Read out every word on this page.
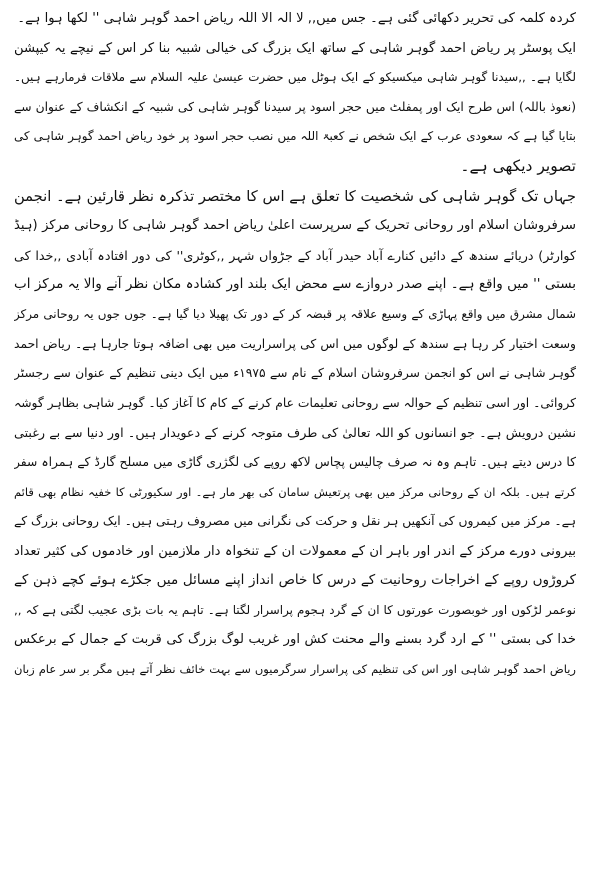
کردہ کلمہ کی تحریر دکھائی گئی ہے۔ جس میں,, لا الہ الا اللہ ریاض احمد گوہر شاہی '' لکھا ہوا ہے۔
ایک پوسٹر پر ریاض احمد گوہر شاہی کے ساتھ ایک بزرگ کی خیالی شبیہ بنا کر اس کے نیچے یہ کیپشن
لگایا ہے۔ ,,سیدنا گوہر شاہی میکسیکو کے ایک ہوٹل میں حضرت عیسیٰ علیہ السلام سے ملاقات فرمارہے ہیں۔
(نعوذ باللہ) اس طرح ایک اور پمفلٹ میں حجر اسود پر سیدنا گوہر شاہی کی شبیہ کے انکشاف کے عنوان سے
بتایا گیا ہے کہ سعودی عرب کے ایک شخص نے کعبۃ اللہ میں نصب حجر اسود پر خود ریاض احمد گوہر شاہی کی
تصویر دیکھی ہے۔
جہاں تک گوہر شاہی کی شخصیت کا تعلق ہے اس کا مختصر تذکرہ نظر قارئین ہے۔ انجمن
سرفروشان اسلام اور روحانی تحریک کے سرپرست اعلیٰ ریاض احمد گوہر شاہی کا روحانی مرکز (ہیڈ
کوارٹر) دریائے سندھ کے دائیں کنارے آباد حیدر آباد کے جڑواں شہر ,,کوٹری'' کی دور افتادہ آبادی ,,خدا کی
بستی '' میں واقع ہے۔ اپنے صدر دروازے سے محض ایک بلند اور کشادہ مکان نظر آنے والا یہ مرکز اب
شمال مشرق میں واقع پہاڑی کے وسیع علاقہ پر قبضہ کر کے دور تک پھیلا دیا گیا ہے۔ جوں جوں یہ روحانی مرکز
وسعت اختیار کر رہا ہے سندھ کے لوگوں میں اس کی پراسراریت میں بھی اضافہ ہوتا جارہا ہے۔ ریاض احمد
گوہر شاہی نے اس کو انجمن سرفروشان اسلام کے نام سے ۱۹۷۵ء میں ایک دینی تنظیم کے عنوان سے رجسٹر
کروائی۔ اور اسی تنظیم کے حوالہ سے روحانی تعلیمات عام کرنے کے کام کا آغاز کیا۔ گوہر شاہی بظاہر گوشہ
نشین درویش ہے۔ جو انسانوں کو اللہ تعالیٰ کی طرف متوجہ کرنے کے دعویدار ہیں۔ اور دنیا سے بے رغبتی
کا درس دیتے ہیں۔ تاہم وہ نہ صرف چالیس پچاس لاکھ روپے کی لگژری گاڑی میں مسلح گارڈ کے ہمراہ سفر
کرتے ہیں۔ بلکہ ان کے روحانی مرکز میں بھی پرتعیش سامان کی بھر مار ہے۔ اور سکیورٹی کا خفیہ نظام بھی قائم
ہے۔ مرکز میں کیمروں کی آنکھیں ہر نقل و حرکت کی نگرانی میں مصروف رہتی ہیں۔ ایک روحانی بزرگ کے
بیرونی دورے مرکز کے اندر اور باہر ان کے معمولات ان کے تنخواہ دار ملازمین اور خادموں کی کثیر تعداد
کروڑوں روپے کے اخراجات روحانیت کے درس کا خاص انداز اپنے مسائل میں جکڑے ہوئے کچے ذہن کے
نوعمر لڑکوں اور خوبصورت عورتوں کا ان کے گرد ہجوم پراسرار لگتا ہے۔ تاہم یہ بات بڑی عجیب لگتی ہے کہ ,,
خدا کی بستی '' کے ارد گرد بسنے والے محنت کش اور غریب لوگ بزرگ کی قربت کے جمال کے برعکس
ریاض احمد گوہر شاہی اور اس کی تنظیم کی پراسرار سرگرمیوں سے بہت خائف نظر آتے ہیں مگر بر سر عام زبان
